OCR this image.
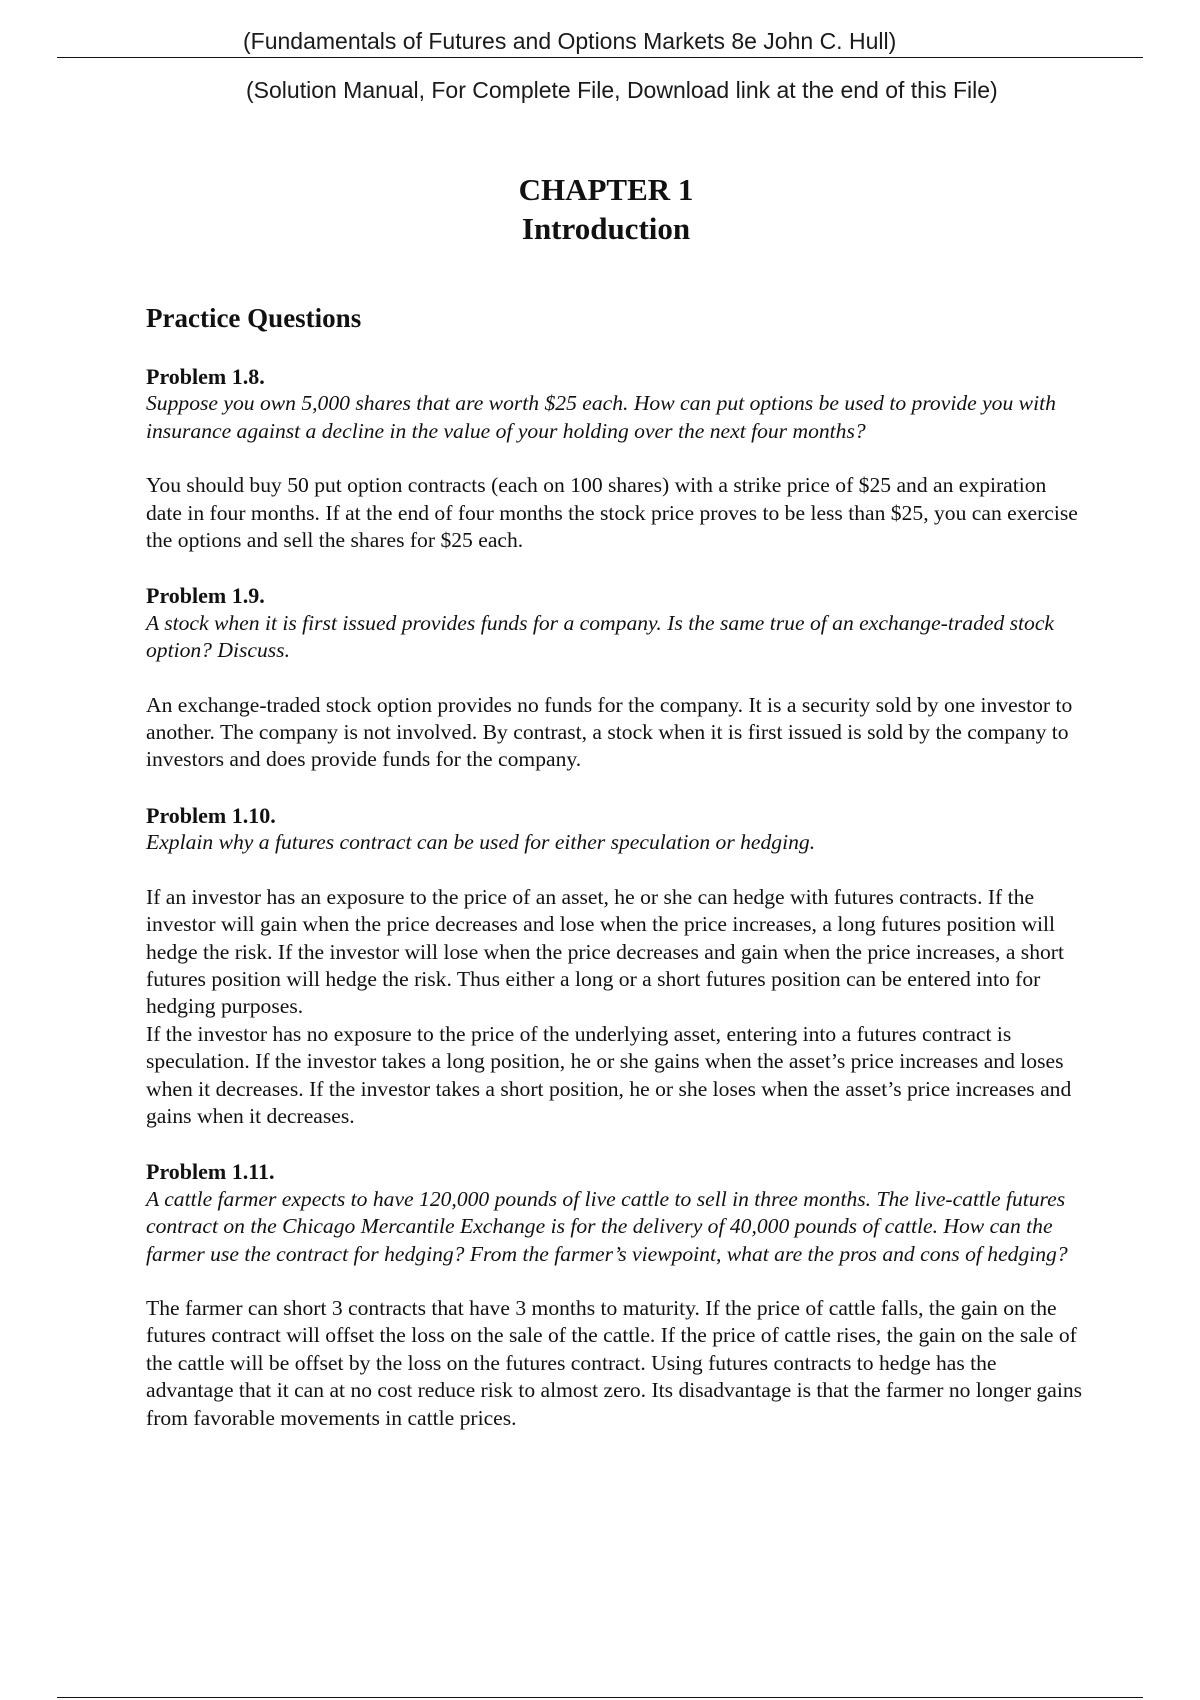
(Fundamentals of Futures and Options Markets 8e John C. Hull)
(Solution Manual, For Complete File, Download link at the end of this File)
CHAPTER 1
Introduction
Practice Questions

Problem 1.8.

Suppose you own 5,000 shares that are worth $25 each. How can put options be used to provide you with insurance against a decline in the value of your holding over the next four months?

You should buy 50 put option contracts (each on 100 shares) with a strike price of $25 and an expiration date in four months. If at the end of four months the stock price proves to be less than $25, you can exercise the options and sell the shares for $25 each.

Problem 1.9.

A stock when it is first issued provides funds for a company. Is the same true of an exchange-traded stock option? Discuss.

An exchange-traded stock option provides no funds for the company. It is a security sold by one investor to another. The company is not involved. By contrast, a stock when it is first issued is sold by the company to investors and does provide funds for the company.

Problem 1.10.

Explain why a futures contract can be used for either speculation or hedging.

If an investor has an exposure to the price of an asset, he or she can hedge with futures contracts. If the investor will gain when the price decreases and lose when the price increases, a long futures position will hedge the risk. If the investor will lose when the price decreases and gain when the price increases, a short futures position will hedge the risk. Thus either a long or a short futures position can be entered into for hedging purposes.

If the investor has no exposure to the price of the underlying asset, entering into a futures contract is speculation. If the investor takes a long position, he or she gains when the asset’s price increases and loses when it decreases. If the investor takes a short position, he or she loses when the asset’s price increases and gains when it decreases.

Problem 1.11.

A cattle farmer expects to have 120,000 pounds of live cattle to sell in three months. The live-cattle futures contract on the Chicago Mercantile Exchange is for the delivery of 40,000 pounds of cattle. How can the farmer use the contract for hedging? From the farmer’s viewpoint, what are the pros and cons of hedging?

The farmer can short 3 contracts that have 3 months to maturity. If the price of cattle falls, the gain on the futures contract will offset the loss on the sale of the cattle. If the price of cattle rises, the gain on the sale of the cattle will be offset by the loss on the futures contract. Using futures contracts to hedge has the advantage that it can at no cost reduce risk to almost zero. Its disadvantage is that the farmer no longer gains from favorable movements in cattle prices.
